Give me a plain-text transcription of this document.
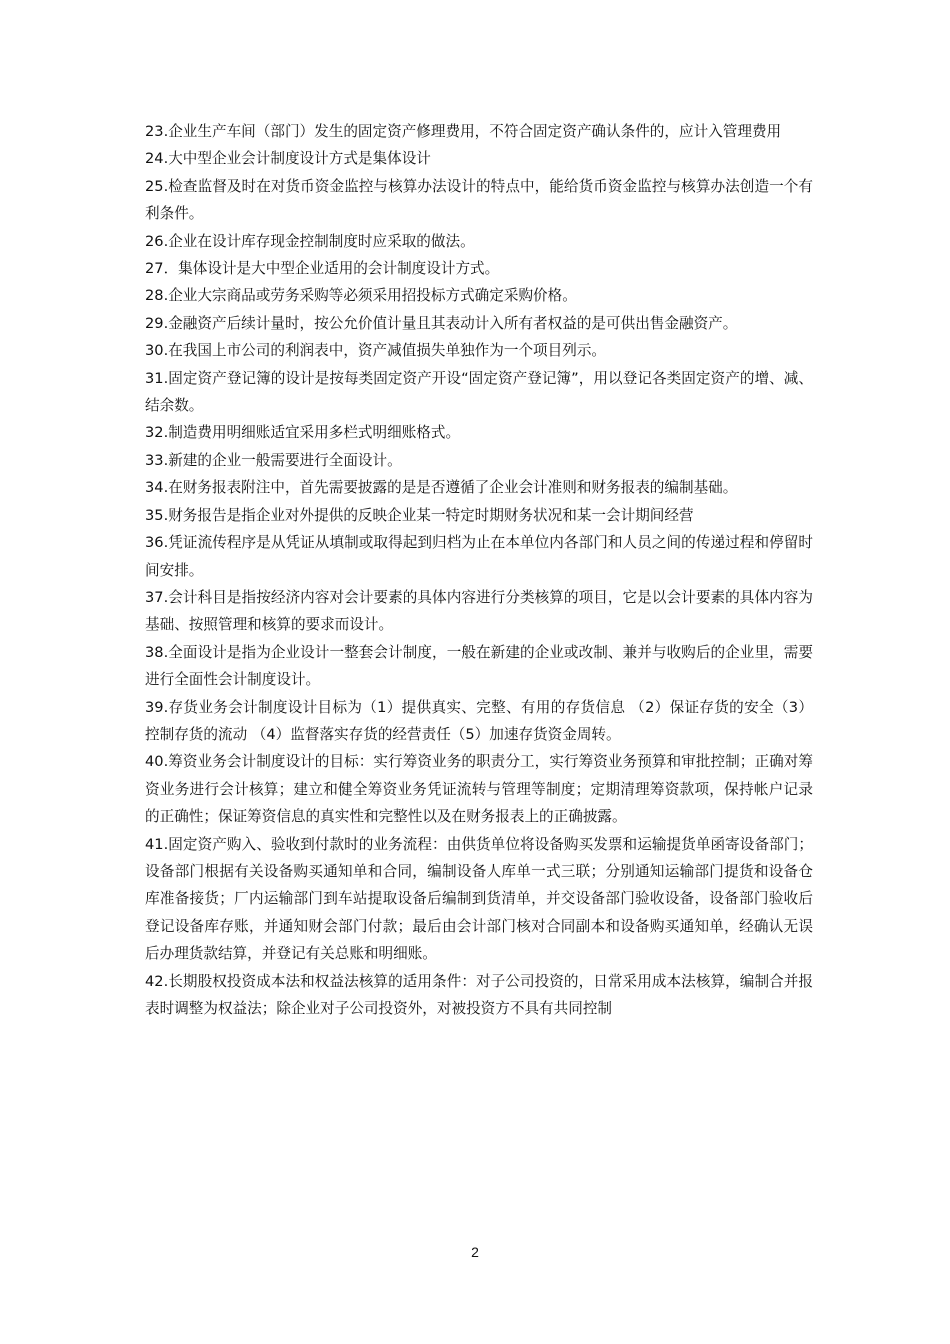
23.企业生产车间（部门）发生的固定资产修理费用，不符合固定资产确认条件的，应计入管理费用

24.大中型企业会计制度设计方式是集体设计

25.检查监督及时在对货币资金监控与核算办法设计的特点中，能给货币资金监控与核算办法创造一个有利条件。

26.企业在设计库存现金控制制度时应采取的做法。

27．集体设计是大中型企业适用的会计制度设计方式。

28.企业大宗商品或劳务采购等必须采用招投标方式确定采购价格。

29.金融资产后续计量时，按公允价值计量且其表动计入所有者权益的是可供出售金融资产。

30.在我国上市公司的利润表中，资产减值损失单独作为一个项目列示。

31.固定资产登记簿的设计是按每类固定资产开设“固定资产登记簿”，用以登记各类固定资产的增、减、结余数。

32.制造费用明细账适宜采用多栏式明细账格式。

33.新建的企业一般需要进行全面设计。

34.在财务报表附注中，首先需要披露的是是否遵循了企业会计准则和财务报表的编制基础。

35.财务报告是指企业对外提供的反映企业某一特定时期财务状况和某一会计期间经营

36.凭证流传程序是从凭证从填制或取得起到归档为止在本单位内各部门和人员之间的传递过程和停留时间安排。

37.会计科目是指按经济内容对会计要素的具体内容进行分类核算的项目，它是以会计要素的具体内容为基础、按照管理和核算的要求而设计。

38.全面设计是指为企业设计一整套会计制度，一般在新建的企业或改制、兼并与收购后的企业里，需要进行全面性会计制度设计。

39.存货业务会计制度设计目标为（1）提供真实、完整、有用的存货信息 （2）保证存货的安全（3）控制存货的流动 （4）监督落实存货的经营责任（5）加速存货资金周转。

40.筹资业务会计制度设计的目标：实行筹资业务的职责分工，实行筹资业务预算和审批控制；正确对筹资业务进行会计核算；建立和健全筹资业务凭证流转与管理等制度；定期清理筹资款项，保持帐户记录的正确性；保证筹资信息的真实性和完整性以及在财务报表上的正确披露。

41.固定资产购入、验收到付款时的业务流程：由供货单位将设备购买发票和运输提货单函寄设备部门；设备部门根据有关设备购买通知单和合同，编制设备人库单一式三联；分别通知运输部门提货和设备仓库准备接货；厂内运输部门到车站提取设备后编制到货清单，并交设备部门验收设备，设备部门验收后登记设备库存账，并通知财会部门付款；最后由会计部门核对合同副本和设备购买通知单，经确认无误后办理货款结算，并登记有关总账和明细账。

42.长期股权投资成本法和权益法核算的适用条件：对子公司投资的，日常采用成本法核算，编制合并报表时调整为权益法；除企业对子公司投资外，对被投资方不具有共同控制

2
